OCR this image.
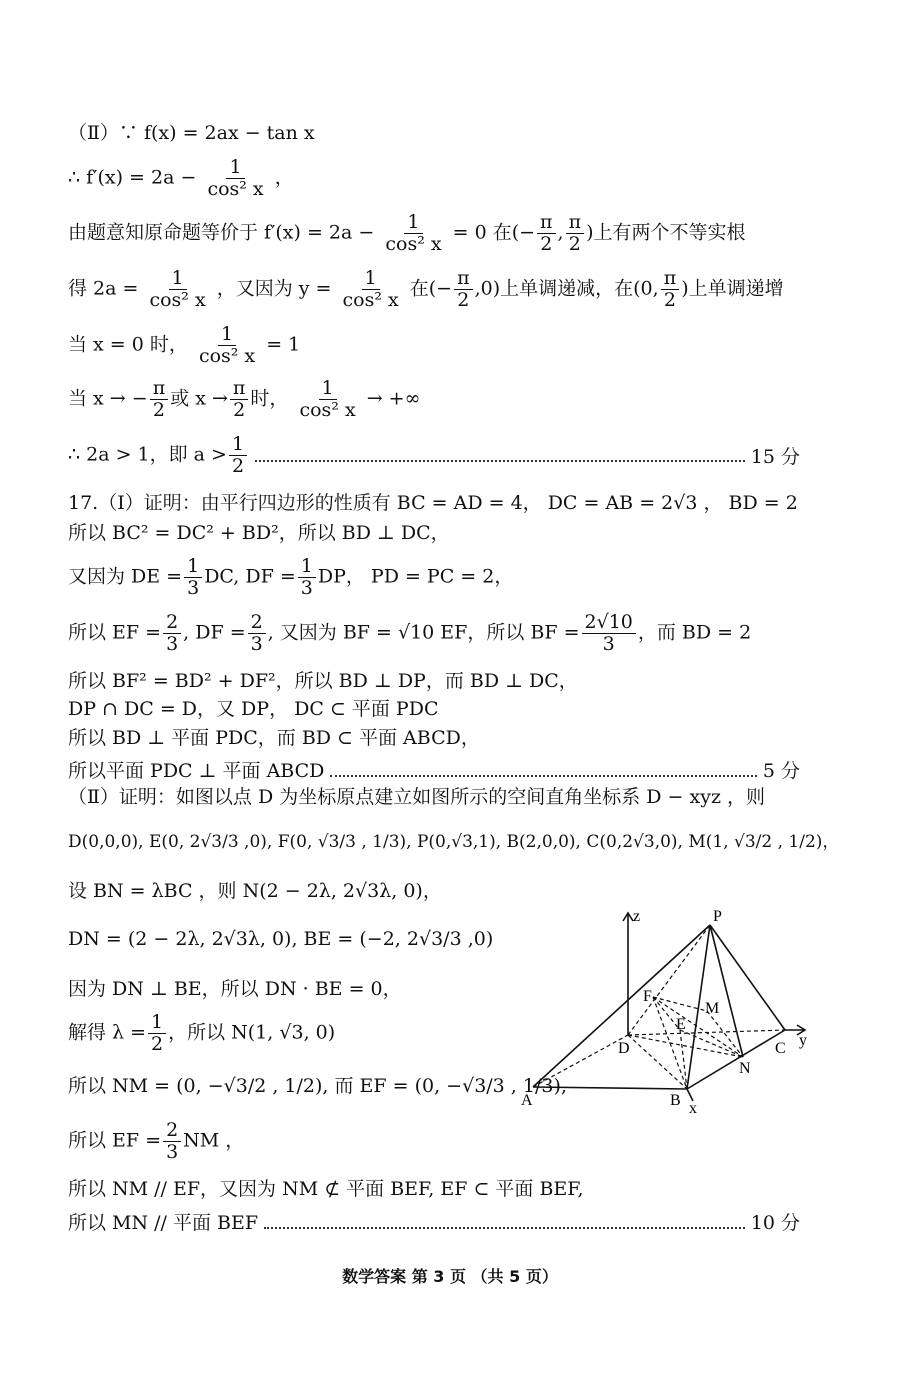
（Ⅱ）∵ f(x) = 2ax − tan x
∴ $f'(x) = 2a - \frac{1}{\text{cos² x}}$ ，
由题意知原命题等价于 $f'(x) = 2a - \frac{1}{\text{cos² x}} = 0$ 在(− $\frac{\pi}{2}$ , $\frac{\pi}{2}$ )上有两个不等实根
得 $2a = \frac{1}{\text{cos² x}}$ ，又因为 $y = \frac{1}{\text{cos² x}}$ 在(− $\frac{\pi}{2} ,0$)上单调递减，在(0, $\frac{\pi}{2}$ )上单调递增
当 x = 0 时， $\frac{1}{\text{cos² x}} = 1$
当 x → − $\frac{\pi}{2}$ 或 $x \to \frac{\pi}{2}$ 时， $\frac{1}{\text{cos² x}}$ → +∞
∴ 2a > 1，即 $a > \frac{1}{2}$	15 分
17.（Ⅰ）证明：由平行四边形的性质有 BC = AD = 4， DC = AB = 2√3 ， BD = 2
所以 BC² = DC² + BD²，所以 BD ⊥ DC，
又因为 DE = $\frac{1}{3}$ DC, DF = $\frac{1}{3}$ DP， PD = PC = 2，
所以 EF = $\frac{2}{3}$ , DF = $\frac{2}{3}$ , 又因为 BF = √10 EF，所以 BF = $\frac{2√10}{3}$ ，而 BD = 2
所以 BF² = BD² + DF²，所以 BD ⊥ DP，而 BD ⊥ DC，
DP ∩ DC = D，又 DP， DC ⊂ 平面 PDC
所以 BD ⊥ 平面 PDC，而 BD ⊂ 平面 ABCD，
所以平面 PDC ⊥ 平面 ABCD	5 分
（Ⅱ）证明：如图以点 D 为坐标原点建立如图所示的空间直角坐标系 D − xyz ，则
D(0,0,0), E(0, 2√3/3 ,0), F(0, √3/3 , 1/3), P(0,√3,1), B(2,0,0), C(0,2√3,0), M(1, √3/2 , 1/2)，
设 BN = λBC ，则 N(2 − 2λ, 2√3λ, 0)，
DN = (2 − 2λ, 2√3λ, 0), BE = (−2, 2√3/3 ,0)
因为 DN ⊥ BE，所以 DN · BE = 0，
解得 $\lambda = \frac{1}{2}$ ，所以 N(1, √3, 0)
所以 NM = (0, −√3/2 , 1/2), 而 EF = (0, −√3/3 , 1/3),
所以 EF = $\frac{2}{3}$ NM ，
所以 NM // EF，又因为 NM ⊄ 平面 BEF, EF ⊂ 平面 BEF,
所以 MN // 平面 BEF	10 分
z	P
F
M
E
D	C y
N
A	B x
数学答案 第 3 页 （共 5 页）
